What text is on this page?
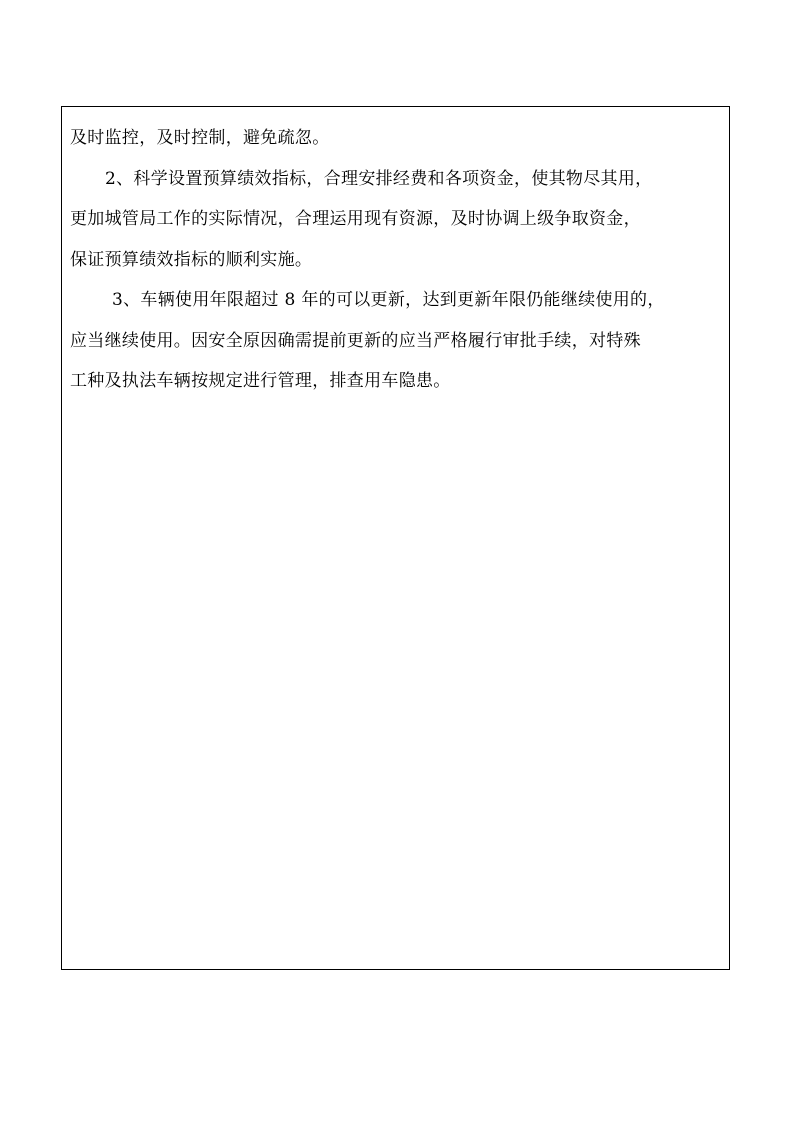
及时监控，及时控制，避免疏忽。

2、科学设置预算绩效指标，合理安排经费和各项资金，使其物尽其用，

更加城管局工作的实际情况，合理运用现有资源，及时协调上级争取资金，

保证预算绩效指标的顺利实施。

3、车辆使用年限超过 8 年的可以更新，达到更新年限仍能继续使用的，

应当继续使用。因安全原因确需提前更新的应当严格履行审批手续，对特殊

工种及执法车辆按规定进行管理，排查用车隐患。
